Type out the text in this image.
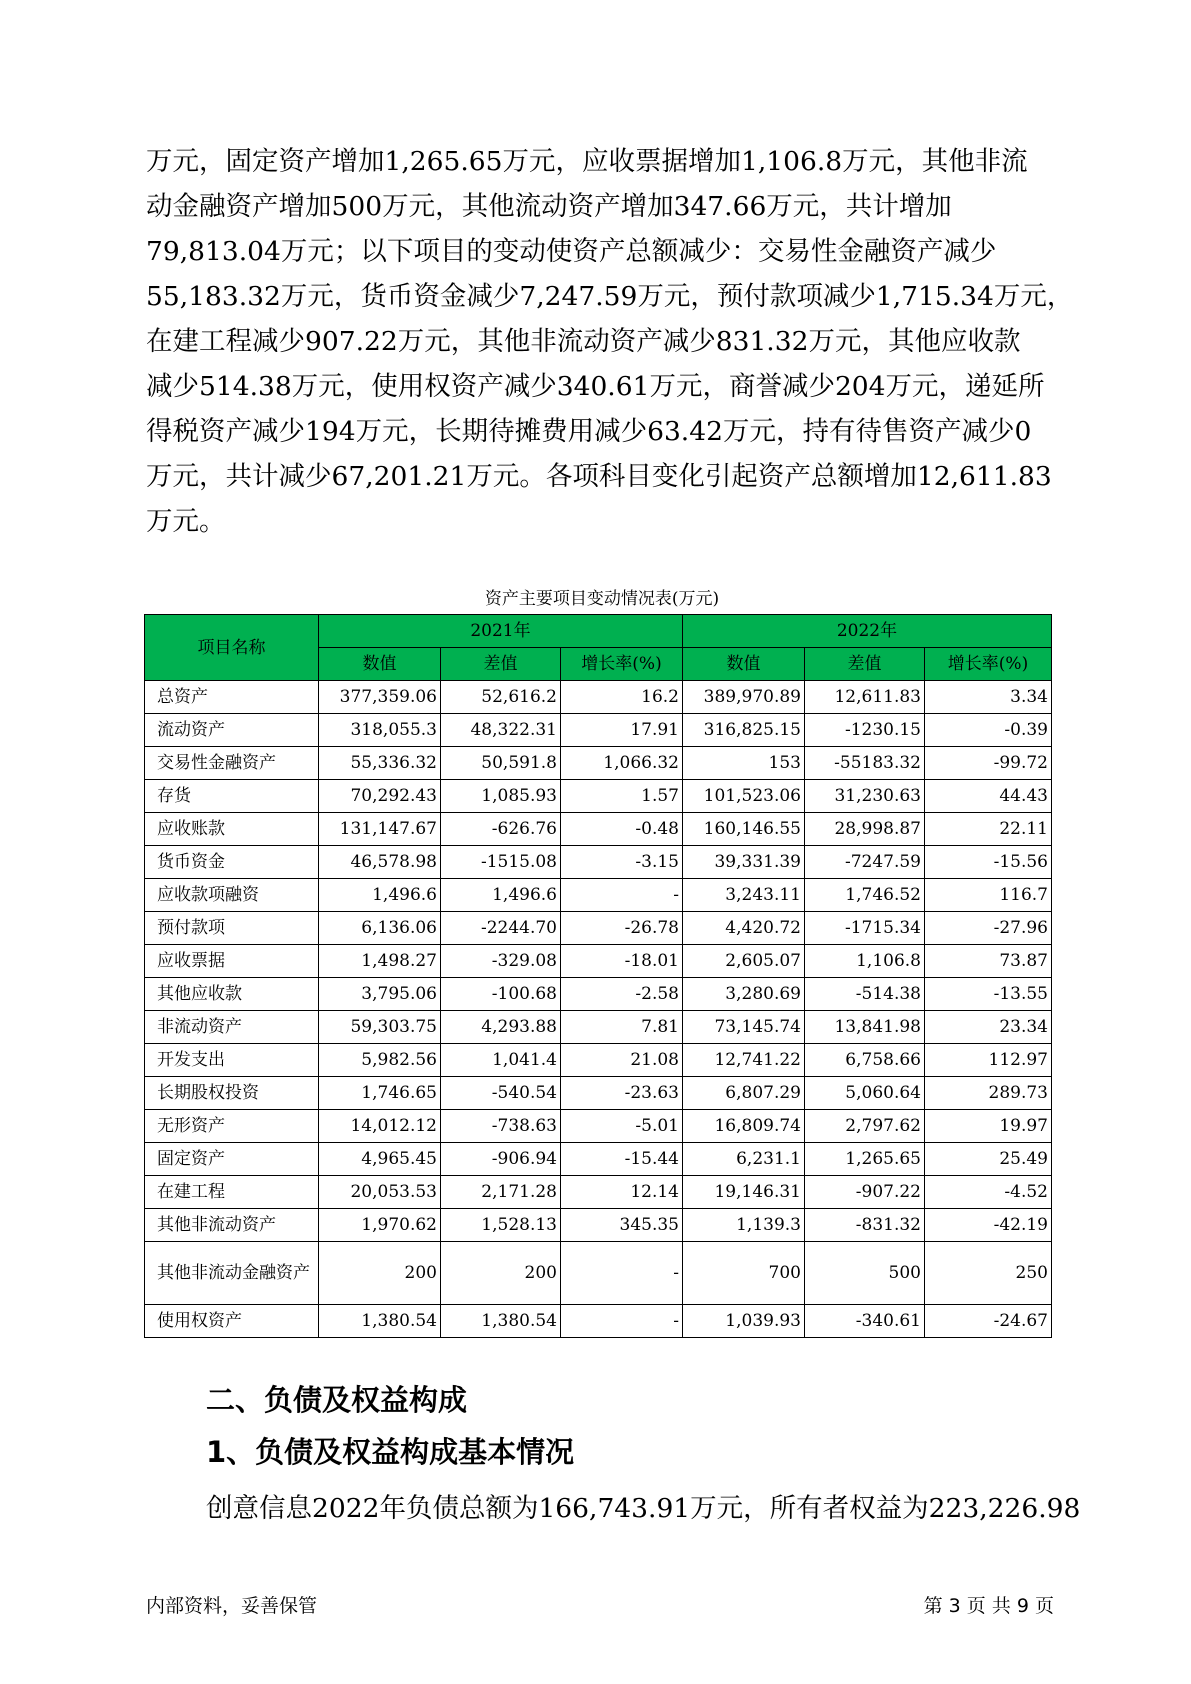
万元，固定资产增加1,265.65万元，应收票据增加1,106.8万元，其他非流
动金融资产增加500万元，其他流动资产增加347.66万元，共计增加
79,813.04万元；以下项目的变动使资产总额减少：交易性金融资产减少
55,183.32万元，货币资金减少7,247.59万元，预付款项减少1,715.34万元，
在建工程减少907.22万元，其他非流动资产减少831.32万元，其他应收款
减少514.38万元，使用权资产减少340.61万元，商誉减少204万元，递延所
得税资产减少194万元，长期待摊费用减少63.42万元，持有待售资产减少0
万元，共计减少67,201.21万元。各项科目变化引起资产总额增加12,611.83
万元。
资产主要项目变动情况表(万元)
项目名称	2021年			2022年		
	数值	差值	增长率(%)	数值	差值	增长率(%)
总资产	377,359.06	52,616.2	16.2	389,970.89	12,611.83	3.34
流动资产	318,055.3	48,322.31	17.91	316,825.15	-1230.15	-0.39
交易性金融资产	55,336.32	50,591.8	1,066.32	153	-55183.32	-99.72
存货	70,292.43	1,085.93	1.57	101,523.06	31,230.63	44.43
应收账款	131,147.67	-626.76	-0.48	160,146.55	28,998.87	22.11
货币资金	46,578.98	-1515.08	-3.15	39,331.39	-7247.59	-15.56
应收款项融资	1,496.6	1,496.6	-	3,243.11	1,746.52	116.7
预付款项	6,136.06	-2244.70	-26.78	4,420.72	-1715.34	-27.96
应收票据	1,498.27	-329.08	-18.01	2,605.07	1,106.8	73.87
其他应收款	3,795.06	-100.68	-2.58	3,280.69	-514.38	-13.55
非流动资产	59,303.75	4,293.88	7.81	73,145.74	13,841.98	23.34
开发支出	5,982.56	1,041.4	21.08	12,741.22	6,758.66	112.97
长期股权投资	1,746.65	-540.54	-23.63	6,807.29	5,060.64	289.73
无形资产	14,012.12	-738.63	-5.01	16,809.74	2,797.62	19.97
固定资产	4,965.45	-906.94	-15.44	6,231.1	1,265.65	25.49
在建工程	20,053.53	2,171.28	12.14	19,146.31	-907.22	-4.52
其他非流动资产	1,970.62	1,528.13	345.35	1,139.3	-831.32	-42.19
其他非流动金融资产	200	200	-	700	500	250
使用权资产	1,380.54	1,380.54	-	1,039.93	-340.61	-24.67
二、负债及权益构成
1、负债及权益构成基本情况
创意信息2022年负债总额为166,743.91万元，所有者权益为223,226.98
内部资料，妥善保管	第 3 页 共 9 页
